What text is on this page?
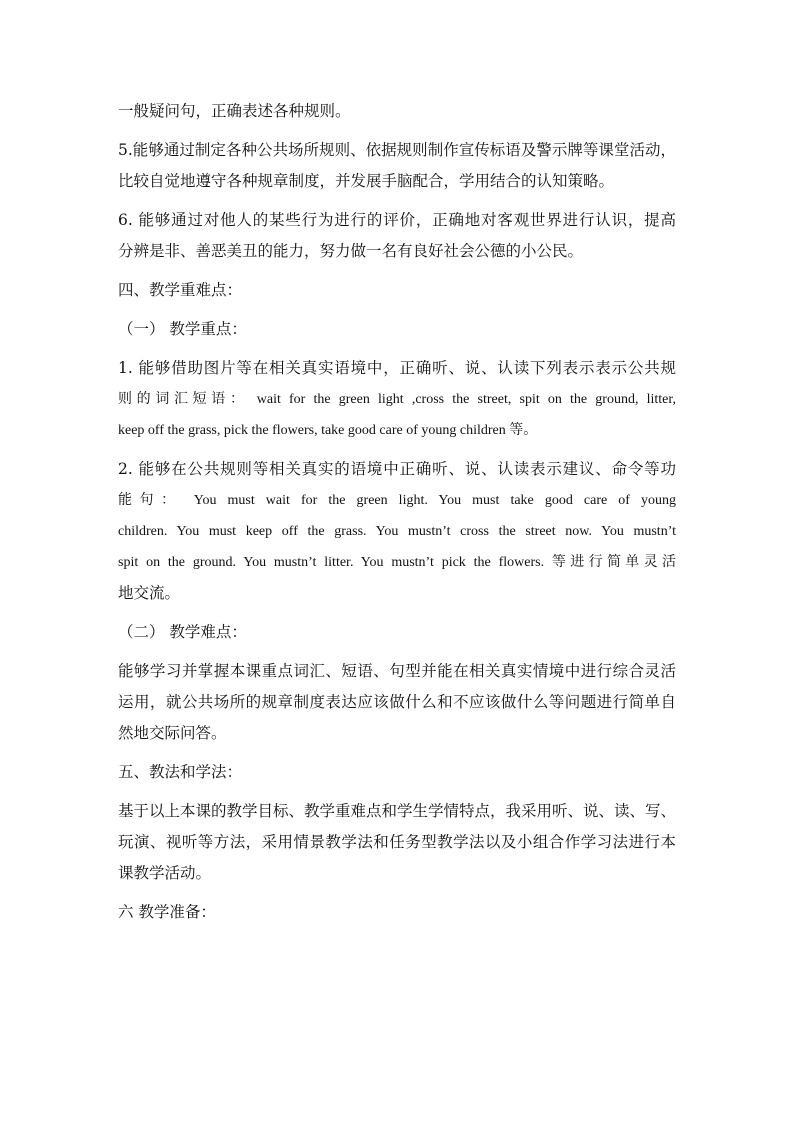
一般疑问句，正确表述各种规则。

5.能够通过制定各种公共场所规则、依据规则制作宣传标语及警示牌等课堂活动，
比较自觉地遵守各种规章制度，并发展手脑配合，学用结合的认知策略。

6. 能够通过对他人的某些行为进行的评价，正确地对客观世界进行认识，提高
分辨是非、善恶美丑的能力，努力做一名有良好社会公德的小公民。

四、教学重难点：

（一） 教学重点：

1. 能够借助图片等在相关真实语境中，正确听、说、认读下列表示表示公共规
则的词汇短语： wait for the green light ,cross the street, spit on the ground, litter,
keep off the grass, pick the flowers, take good care of young children 等。

2. 能够在公共规则等相关真实的语境中正确听、说、认读表示建议、命令等功
能句： You must wait for the green light. You must take good care of young
children. You must keep off the grass. You mustn’t cross the street now. You mustn’t
spit on the ground. You mustn’t litter. You mustn’t pick the flowers. 等进行简单灵活
地交流。

（二） 教学难点：

能够学习并掌握本课重点词汇、短语、句型并能在相关真实情境中进行综合灵活
运用，就公共场所的规章制度表达应该做什么和不应该做什么等问题进行简单自
然地交际问答。

五、教法和学法：

基于以上本课的教学目标、教学重难点和学生学情特点，我采用听、说、读、写、
玩演、视听等方法，采用情景教学法和任务型教学法以及小组合作学习法进行本
课教学活动。

六 教学准备：
